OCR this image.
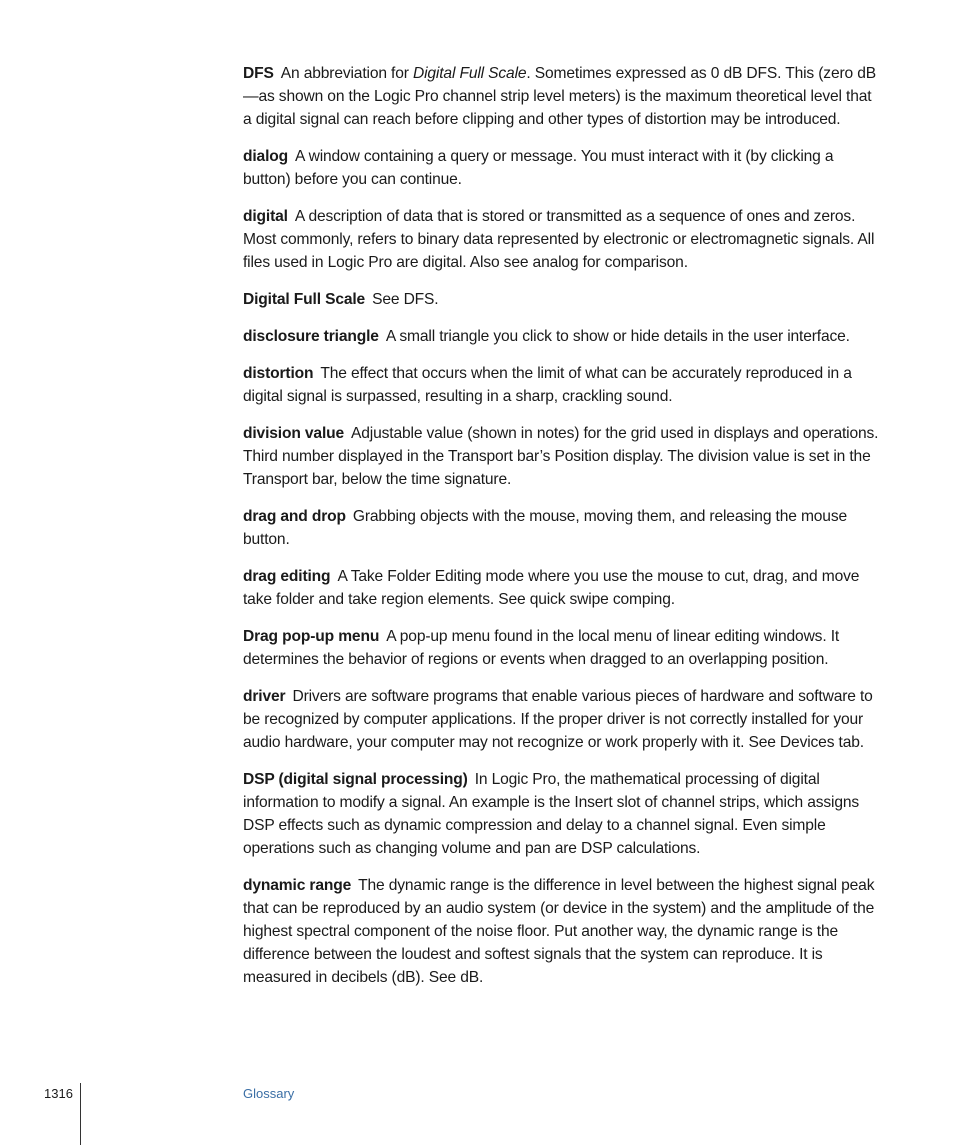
DFS An abbreviation for Digital Full Scale. Sometimes expressed as 0 dB DFS. This (zero dB—as shown on the Logic Pro channel strip level meters) is the maximum theoretical level that a digital signal can reach before clipping and other types of distortion may be introduced.

dialog A window containing a query or message. You must interact with it (by clicking a button) before you can continue.

digital A description of data that is stored or transmitted as a sequence of ones and zeros. Most commonly, refers to binary data represented by electronic or electromagnetic signals. All files used in Logic Pro are digital. Also see analog for comparison.

Digital Full Scale See DFS.

disclosure triangle A small triangle you click to show or hide details in the user interface.

distortion The effect that occurs when the limit of what can be accurately reproduced in a digital signal is surpassed, resulting in a sharp, crackling sound.

division value Adjustable value (shown in notes) for the grid used in displays and operations. Third number displayed in the Transport bar’s Position display. The division value is set in the Transport bar, below the time signature.

drag and drop Grabbing objects with the mouse, moving them, and releasing the mouse button.

drag editing A Take Folder Editing mode where you use the mouse to cut, drag, and move take folder and take region elements. See quick swipe comping.

Drag pop-up menu A pop-up menu found in the local menu of linear editing windows. It determines the behavior of regions or events when dragged to an overlapping position.

driver Drivers are software programs that enable various pieces of hardware and software to be recognized by computer applications. If the proper driver is not correctly installed for your audio hardware, your computer may not recognize or work properly with it. See Devices tab.

DSP (digital signal processing) In Logic Pro, the mathematical processing of digital information to modify a signal. An example is the Insert slot of channel strips, which assigns DSP effects such as dynamic compression and delay to a channel signal. Even simple operations such as changing volume and pan are DSP calculations.

dynamic range The dynamic range is the difference in level between the highest signal peak that can be reproduced by an audio system (or device in the system) and the amplitude of the highest spectral component of the noise floor. Put another way, the dynamic range is the difference between the loudest and softest signals that the system can reproduce. It is measured in decibels (dB). See dB.

1316	Glossary
